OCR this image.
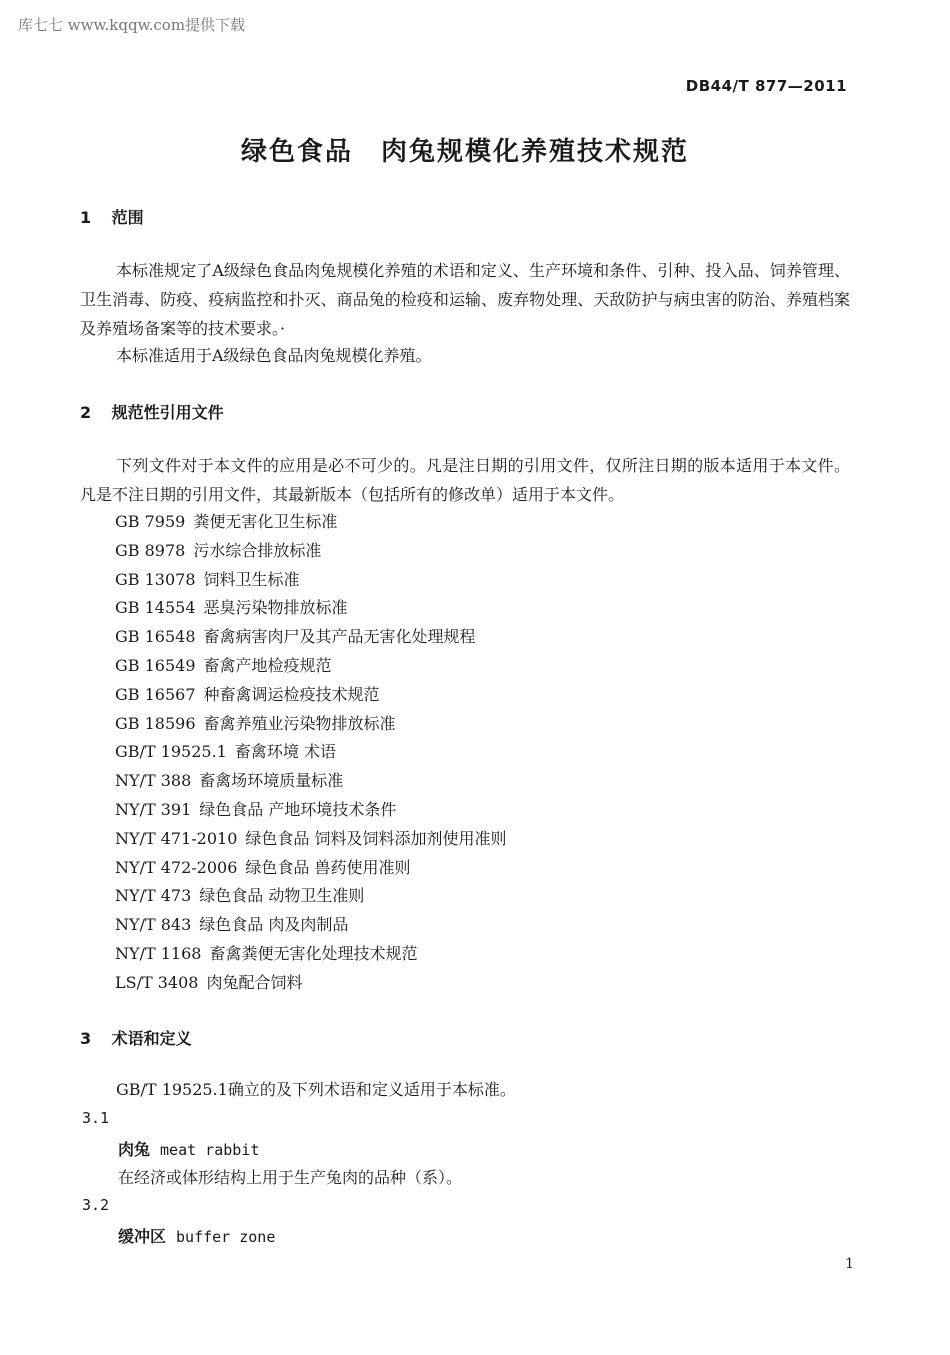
库七七 www.kqqw.com提供下载
DB44/T 877—2011
绿色食品 肉兔规模化养殖技术规范
1 范围
本标准规定了A级绿色食品肉兔规模化养殖的术语和定义、生产环境和条件、引种、投入品、饲养管理、卫生消毒、防疫、疫病监控和扑灭、商品兔的检疫和运输、废弃物处理、天敌防护与病虫害的防治、养殖档案及养殖场备案等的技术要求。·
本标准适用于A级绿色食品肉兔规模化养殖。
2 规范性引用文件
下列文件对于本文件的应用是必不可少的。凡是注日期的引用文件，仅所注日期的版本适用于本文件。凡是不注日期的引用文件，其最新版本（包括所有的修改单）适用于本文件。
GB 7959 粪便无害化卫生标准
GB 8978 污水综合排放标准
GB 13078 饲料卫生标准
GB 14554 恶臭污染物排放标准
GB 16548 畜禽病害肉尸及其产品无害化处理规程
GB 16549 畜禽产地检疫规范
GB 16567 种畜禽调运检疫技术规范
GB 18596 畜禽养殖业污染物排放标准
GB/T 19525.1 畜禽环境 术语
NY/T 388 畜禽场环境质量标准
NY/T 391 绿色食品 产地环境技术条件
NY/T 471-2010 绿色食品 饲料及饲料添加剂使用准则
NY/T 472-2006 绿色食品 兽药使用准则
NY/T 473 绿色食品 动物卫生准则
NY/T 843 绿色食品 肉及肉制品
NY/T 1168 畜禽粪便无害化处理技术规范
LS/T 3408 肉兔配合饲料
3 术语和定义
GB/T 19525.1确立的及下列术语和定义适用于本标准。
3.1
肉兔 meat rabbit
在经济或体形结构上用于生产兔肉的品种（系）。
3.2
缓冲区 buffer zone
1
